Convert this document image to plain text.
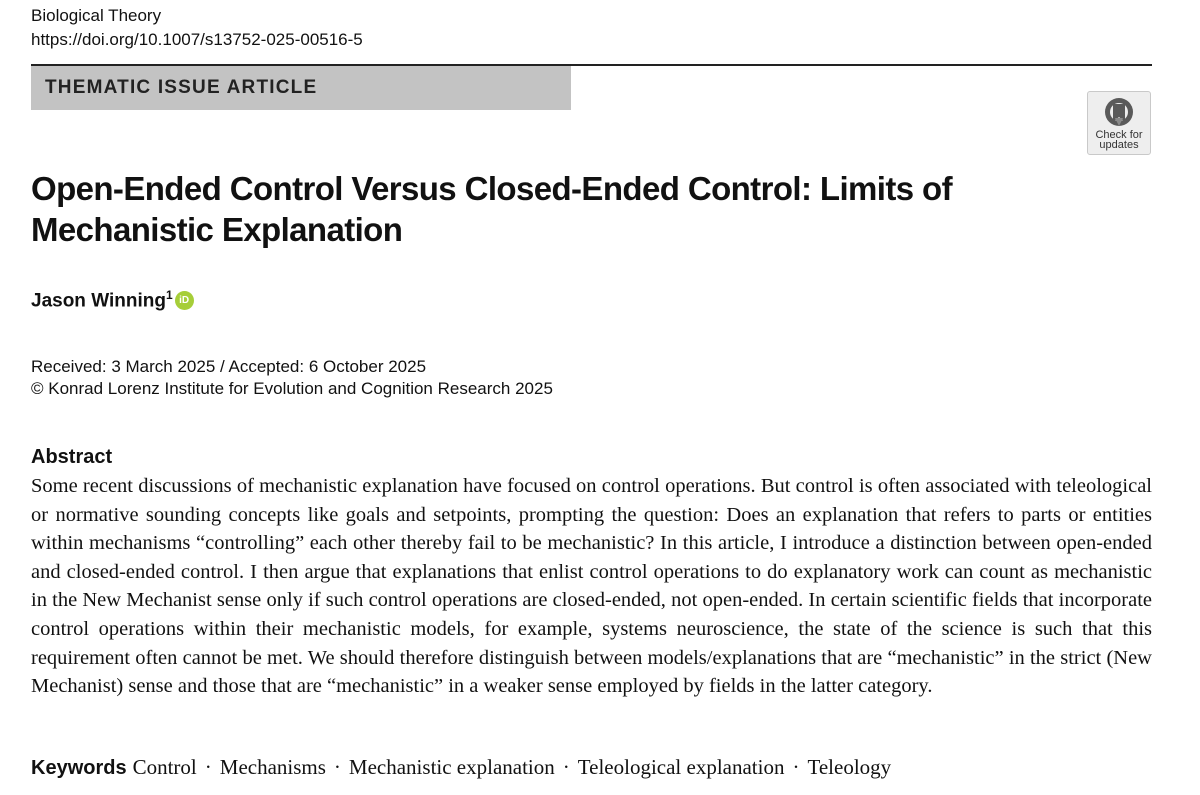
Biological Theory
https://doi.org/10.1007/s13752-025-00516-5
THEMATIC ISSUE ARTICLE
Check for updates
Open-Ended Control Versus Closed-Ended Control: Limits of Mechanistic Explanation
Jason Winning$^1$ iD
Received: 3 March 2025 / Accepted: 6 October 2025
© Konrad Lorenz Institute for Evolution and Cognition Research 2025
Abstract

Some recent discussions of mechanistic explanation have focused on control operations. But control is often associated with teleological or normative sounding concepts like goals and setpoints, prompting the question: Does an explanation that refers to parts or entities within mechanisms “controlling” each other thereby fail to be mechanistic? In this article, I introduce a distinction between open-ended and closed-ended control. I then argue that explanations that enlist control operations to do explanatory work can count as mechanistic in the New Mechanist sense only if such control operations are closed-ended, not open-ended. In certain scientific fields that incorporate control operations within their mechanistic models, for example, systems neuroscience, the state of the science is such that this requirement often cannot be met. We should therefore distinguish between models/explanations that are “mechanistic” in the strict (New Mechanist) sense and those that are “mechanistic” in a weaker sense employed by fields in the latter category.

Keywords Control · Mechanisms · Mechanistic explanation · Teleological explanation · Teleology
